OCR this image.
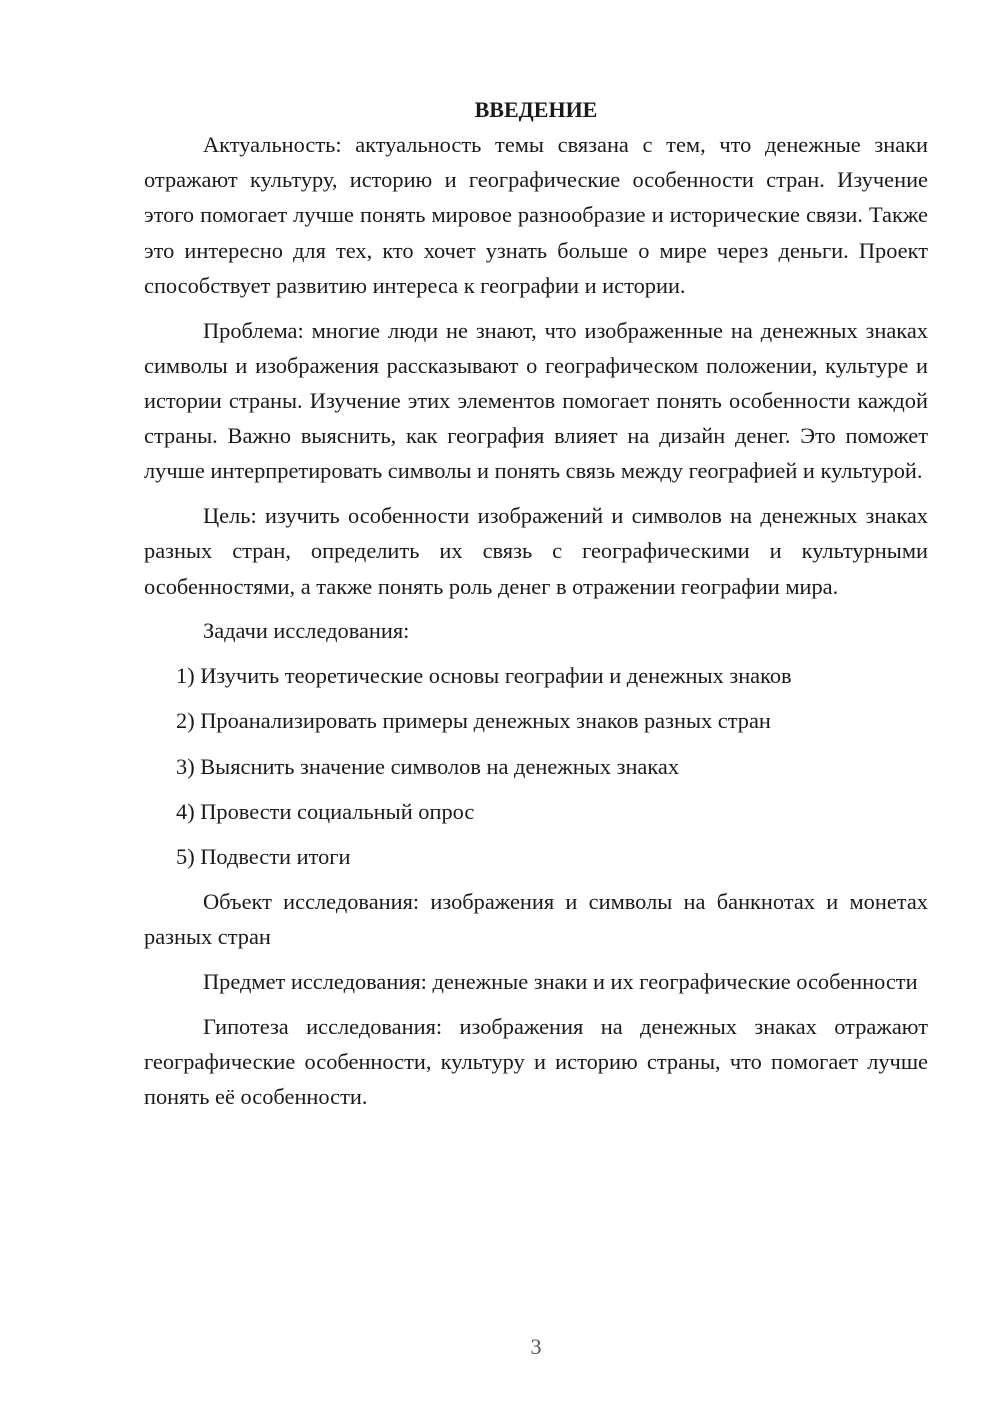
ВВЕДЕНИЕ

Актуальность: актуальность темы связана с тем, что денежные знаки отражают культуру, историю и географические особенности стран. Изучение этого помогает лучше понять мировое разнообразие и исторические связи. Также это интересно для тех, кто хочет узнать больше о мире через деньги. Проект способствует развитию интереса к географии и истории.

Проблема: многие люди не знают, что изображенные на денежных знаках символы и изображения рассказывают о географическом положении, культуре и истории страны. Изучение этих элементов помогает понять особенности каждой страны. Важно выяснить, как география влияет на дизайн денег. Это поможет лучше интерпретировать символы и понять связь между географией и культурой.

Цель: изучить особенности изображений и символов на денежных знаках разных стран, определить их связь с географическими и культурными особенностями, а также понять роль денег в отражении географии мира.

Задачи исследования:

1) Изучить теоретические основы географии и денежных знаков
2) Проанализировать примеры денежных знаков разных стран
3) Выяснить значение символов на денежных знаках
4) Провести социальный опрос
5) Подвести итоги

Объект исследования: изображения и символы на банкнотах и монетах разных стран

Предмет исследования: денежные знаки и их географические особенности

Гипотеза исследования: изображения на денежных знаках отражают географические особенности, культуру и историю страны, что помогает лучше понять её особенности.

3
